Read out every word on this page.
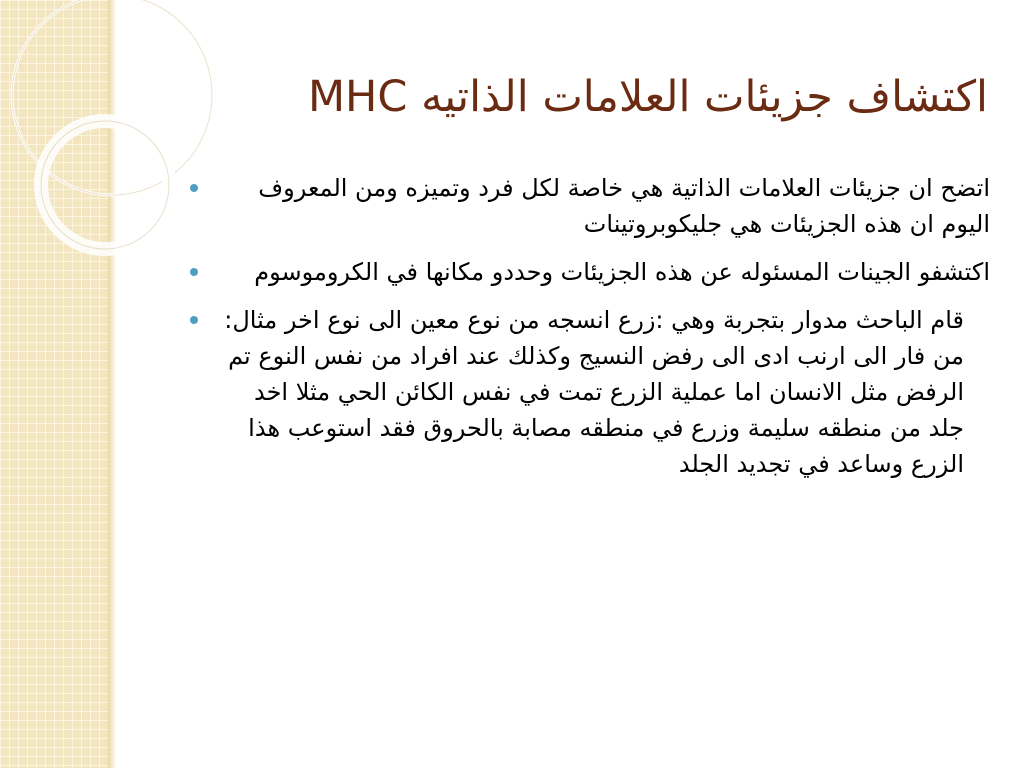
اكتشاف جزيئات العلامات الذاتيه MHC
اتضح ان جزيئات العلامات الذاتية هي خاصة لكل فرد وتميزه ومن المعروف اليوم ان هذه الجزيئات هي جليكوبروتينات
اكتشفو الجينات المسئوله عن هذه الجزيئات وحددو مكانها في الكروموسوم
قام الباحث مدوار بتجربة وهي :زرع انسجه من نوع معين الى نوع اخر مثال: من فار الى ارنب ادى الى رفض النسيج وكذلك عند افراد من نفس النوع تم الرفض مثل الانسان اما عملية الزرع تمت في نفس الكائن الحي مثلا اخد جلد من منطقه سليمة وزرع في منطقه مصابة بالحروق فقد استوعب هذا الزرع وساعد في تجديد الجلد
